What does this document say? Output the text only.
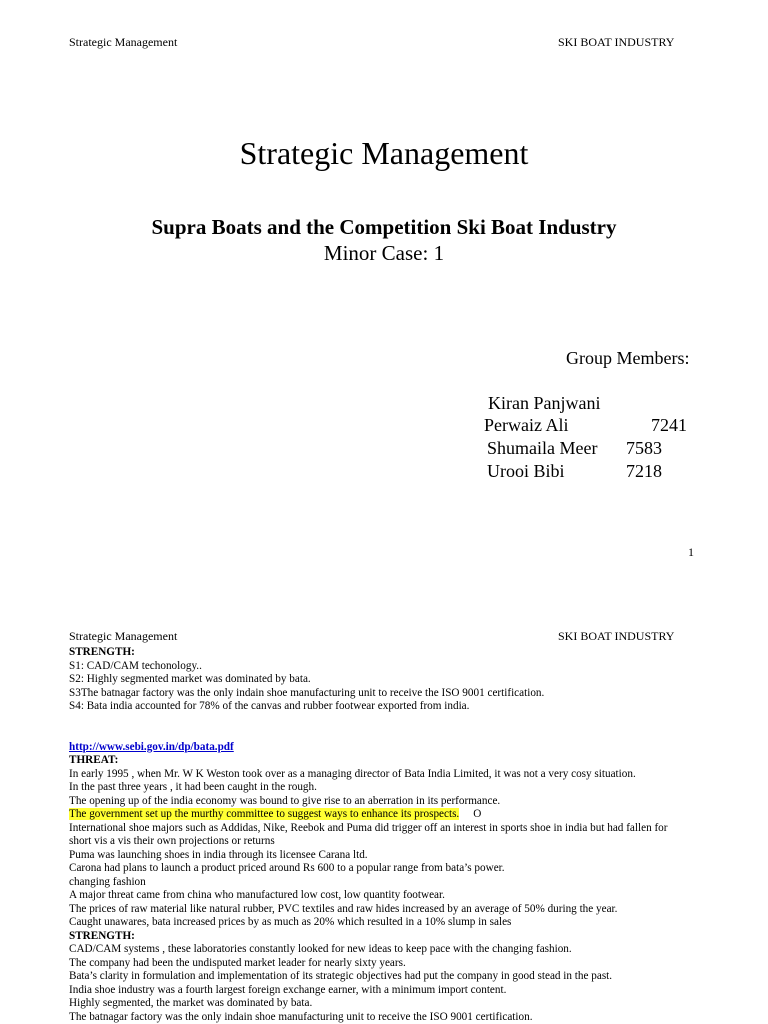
Strategic Management	SKI BOAT INDUSTRY
Strategic Management
Supra Boats and the Competition Ski Boat Industry
Minor Case: 1
Group Members:
Kiran Panjwani
Perwaiz Ali	7241
Shumaila Meer 7583
Urooi Bibi	7218
1
Strategic Management	SKI BOAT INDUSTRY
STRENGTH:
S1: CAD/CAM techonology..
S2: Highly segmented market was dominated by bata.
S3The batnagar factory was the only indain shoe manufacturing unit to receive the ISO 9001 certification.
S4: Bata india accounted for 78% of the canvas and rubber footwear exported from india.
http://www.sebi.gov.in/dp/bata.pdf
THREAT:
In early 1995 , when Mr. W K Weston took over as a managing director of Bata India Limited, it was not a very cosy situation.
In the past three years , it had been caught in the rough.
The opening up of the india economy was bound to give rise to an aberration in its performance.
The government set up the murthy committee to suggest ways to enhance its prospects. O
International shoe majors such as Addidas, Nike, Reebok and Puma did trigger off an interest in sports shoe in india but had fallen for
short vis a vis their own projections or returns
Puma was launching shoes in india through its licensee Carana ltd.
Carona had plans to launch a product priced around Rs 600 to a popular range from bata’s power.
changing fashion
A major threat came from china who manufactured low cost, low quantity footwear.
The prices of raw material like natural rubber, PVC textiles and raw hides increased by an average of 50% during the year.
Caught unawares, bata increased prices by as much as 20% which resulted in a 10% slump in sales
STRENGTH:
CAD/CAM systems , these laboratories constantly looked for new ideas to keep pace with the changing fashion.
The company had been the undisputed market leader for nearly sixty years.
Bata’s clarity in formulation and implementation of its strategic objectives had put the company in good stead in the past.
India shoe industry was a fourth largest foreign exchange earner, with a minimum import content.
Highly segmented, the market was dominated by bata.
The batnagar factory was the only indain shoe manufacturing unit to receive the ISO 9001 certification.
